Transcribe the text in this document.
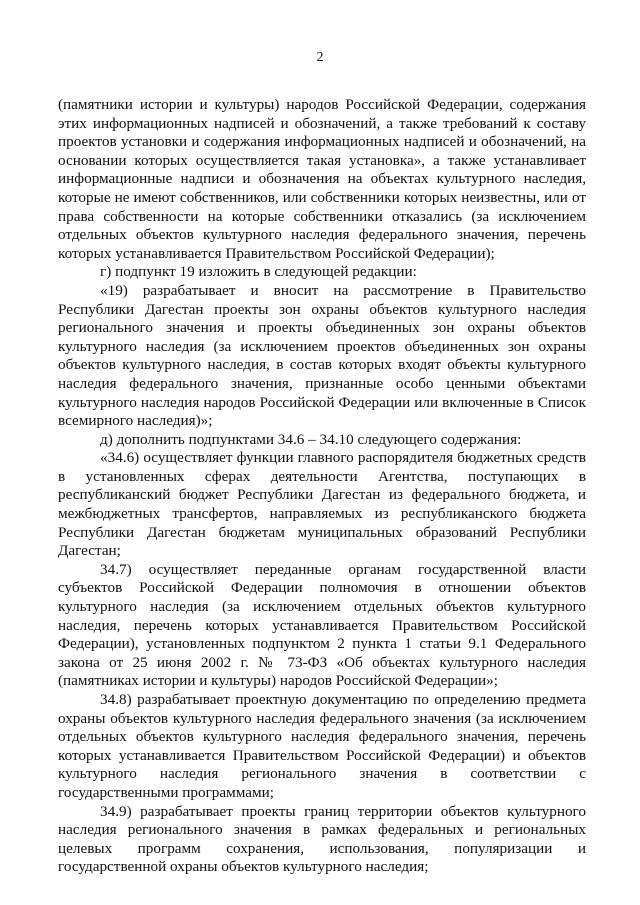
2

(памятники истории и культуры) народов Российской Федерации, содержания этих информационных надписей и обозначений, а также требований к составу проектов установки и содержания информационных надписей и обозначений, на основании которых осуществляется такая установка», а также устанавливает информационные надписи и обозначения на объектах культурного наследия, которые не имеют собственников, или собственники которых неизвестны, или от права собственности на которые собственники отказались (за исключением отдельных объектов культурного наследия федерального значения, перечень которых устанавливается Правительством Российской Федерации);

г) подпункт 19 изложить в следующей редакции:

«19) разрабатывает и вносит на рассмотрение в Правительство Республики Дагестан проекты зон охраны объектов культурного наследия регионального значения и проекты объединенных зон охраны объектов культурного наследия (за исключением проектов объединенных зон охраны объектов культурного наследия, в состав которых входят объекты культурного наследия федерального значения, признанные особо ценными объектами культурного наследия народов Российской Федерации или включенные в Список всемирного наследия)»;

д) дополнить подпунктами 34.6 – 34.10 следующего содержания:

«34.6) осуществляет функции главного распорядителя бюджетных средств в установленных сферах деятельности Агентства, поступающих в республиканский бюджет Республики Дагестан из федерального бюджета, и межбюджетных трансфертов, направляемых из республиканского бюджета Республики Дагестан бюджетам муниципальных образований Республики Дагестан;

34.7) осуществляет переданные органам государственной власти субъектов Российской Федерации полномочия в отношении объектов культурного наследия (за исключением отдельных объектов культурного наследия, перечень которых устанавливается Правительством Российской Федерации), установленных подпунктом 2 пункта 1 статьи 9.1 Федерального закона от 25 июня 2002 г. № 73-ФЗ «Об объектах культурного наследия (памятниках истории и культуры) народов Российской Федерации»;

34.8) разрабатывает проектную документацию по определению предмета охраны объектов культурного наследия федерального значения (за исключением отдельных объектов культурного наследия федерального значения, перечень которых устанавливается Правительством Российской Федерации) и объектов культурного наследия регионального значения в соответствии с государственными программами;

34.9) разрабатывает проекты границ территории объектов культурного наследия регионального значения в рамках федеральных и региональных целевых программ сохранения, использования, популяризации и государственной охраны объектов культурного наследия;
